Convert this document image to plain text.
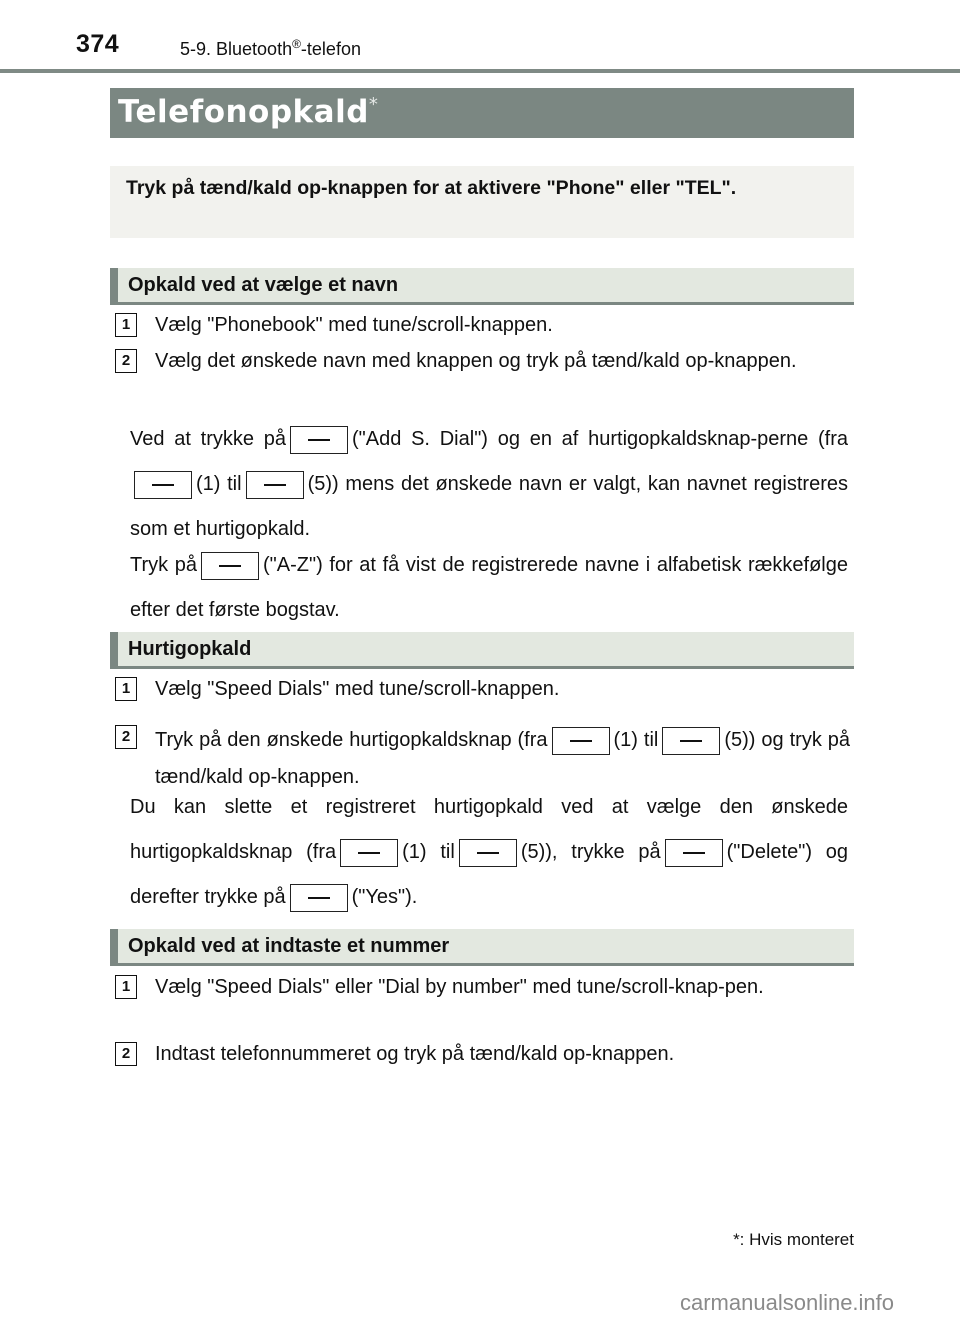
374	5-9. Bluetooth®-telefon
Telefonopkald*
Tryk på tænd/kald op-knappen for at aktivere "Phone" eller "TEL".
Opkald ved at vælge et navn
1	Vælg "Phonebook" med tune/scroll-knappen.
2	Vælg det ønskede navn med knappen og tryk på tænd/kald op-knappen.
Ved at trykke på	("Add S. Dial") og en af hurtigopkaldsknap-perne (fra(1) til	(5)) mens det ønskede navn er valgt, kan navnet registreres som et hurtigopkald.
Tryk på	("A-Z") for at få vist de registrerede navne i alfabetisk rækkefølge efter det første bogstav.
Hurtigopkald
1	Vælg "Speed Dials" med tune/scroll-knappen.
2	Tryk på den ønskede hurtigopkaldsknap (fra	(1) til	(5)) og tryk på tænd/kald op-knappen.
Du kan slette et registreret hurtigopkald ved at vælge den ønskede hurtigopkaldsknap (fra	(1) til	(5)), trykke på	("Delete") og derefter trykke på	("Yes").
Opkald ved at indtaste et nummer
1	Vælg "Speed Dials" eller "Dial by number" med tune/scroll-knap-pen.
2	Indtast telefonnummeret og tryk på tænd/kald op-knappen.
*: Hvis monteret
carmanualsonline.info
